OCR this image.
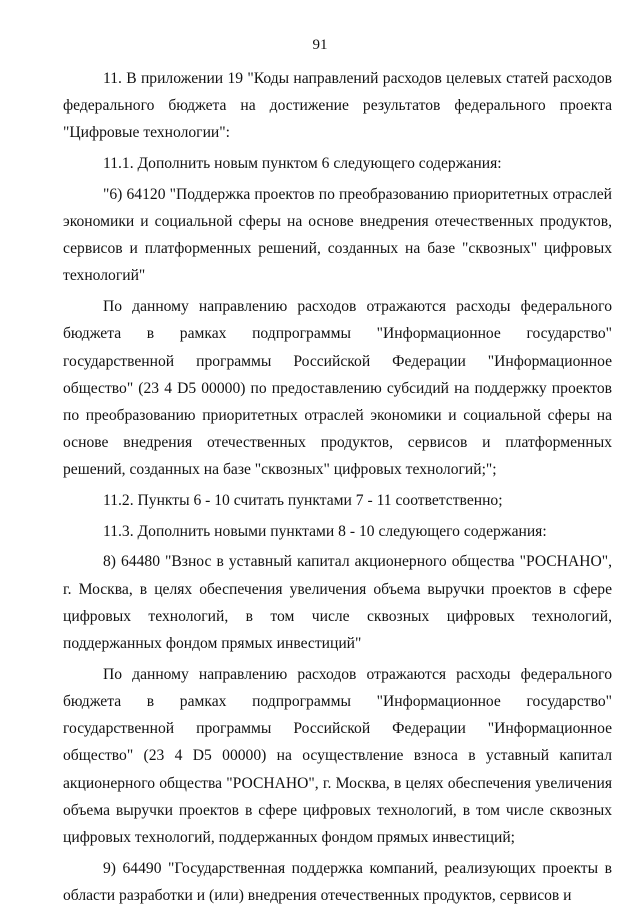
91

11. В приложении 19 "Коды направлений расходов целевых статей расходов федерального бюджета на достижение результатов федерального проекта "Цифровые технологии":

11.1. Дополнить новым пунктом 6 следующего содержания:

"6) 64120 "Поддержка проектов по преобразованию приоритетных отраслей экономики и социальной сферы на основе внедрения отечественных продуктов, сервисов и платформенных решений, созданных на базе "сквозных" цифровых технологий"

По данному направлению расходов отражаются расходы федерального бюджета в рамках подпрограммы "Информационное государство" государственной программы Российской Федерации "Информационное общество" (23 4 D5 00000) по предоставлению субсидий на поддержку проектов по преобразованию приоритетных отраслей экономики и социальной сферы на основе внедрения отечественных продуктов, сервисов и платформенных решений, созданных на базе "сквозных" цифровых технологий;";

11.2. Пункты 6 - 10 считать пунктами 7 - 11 соответственно;

11.3. Дополнить новыми пунктами 8 - 10 следующего содержания:

8) 64480 "Взнос в уставный капитал акционерного общества "РОСНАНО", г. Москва, в целях обеспечения увеличения объема выручки проектов в сфере цифровых технологий, в том числе сквозных цифровых технологий, поддержанных фондом прямых инвестиций"

По данному направлению расходов отражаются расходы федерального бюджета в рамках подпрограммы "Информационное государство" государственной программы Российской Федерации "Информационное общество" (23 4 D5 00000) на осуществление взноса в уставный капитал акционерного общества "РОСНАНО", г. Москва, в целях обеспечения увеличения объема выручки проектов в сфере цифровых технологий, в том числе сквозных цифровых технологий, поддержанных фондом прямых инвестиций;

9) 64490 "Государственная поддержка компаний, реализующих проекты в области разработки и (или) внедрения отечественных продуктов, сервисов и
